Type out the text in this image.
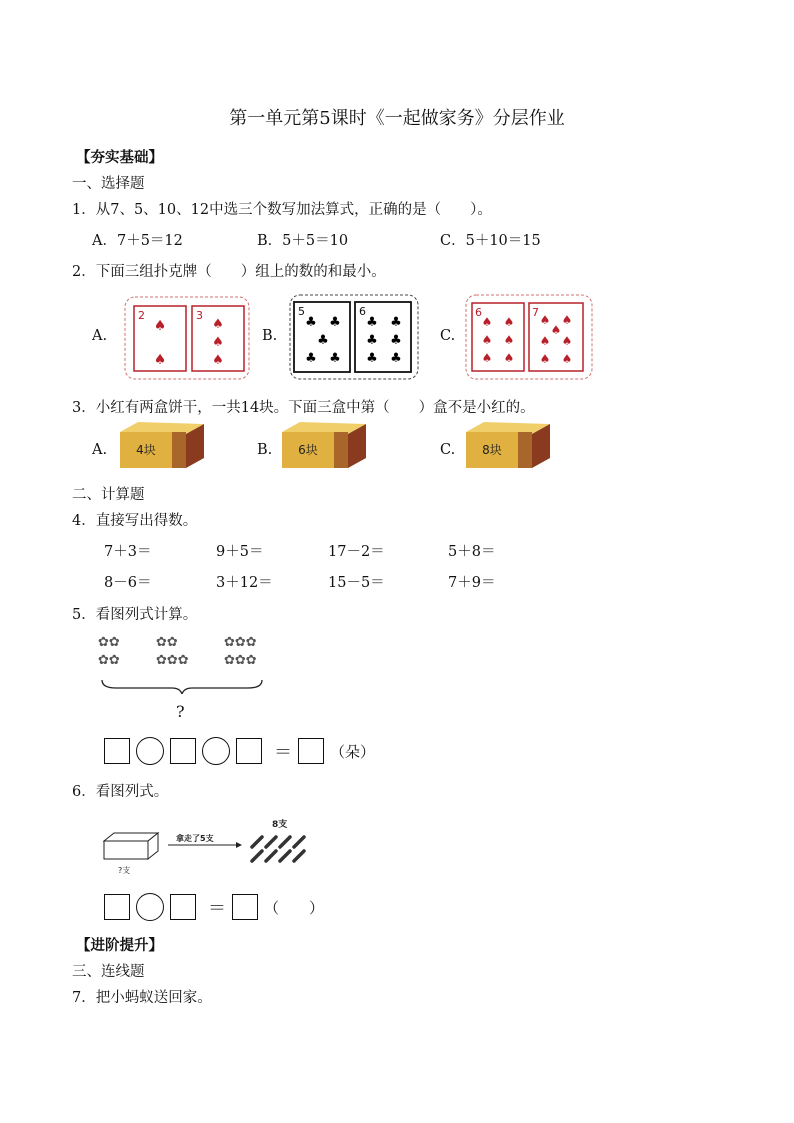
第一单元第5课时《一起做家务》分层作业
【夯实基础】
一、选择题
1．从7、5、10、12中选三个数写加法算式，正确的是（　　）。
A．7＋5＝12	B．5＋5＝10	C．5＋10＝15
2．下面三组扑克牌（　　）组上的数的和最小。
A.	B.	C.
2
♠
♠
3
♠
♠
♠
5
♣ ♣
♣
♣ ♣
6
♣ ♣
♣ ♣
♣ ♣
6
♠ ♠
♠ ♠
♠ ♠
7
♠ ♠
♠
♠ ♠
♠ ♠
3．小红有两盒饼干，一共14块。下面三盒中第（　　）盒不是小红的。
A.	B.	C.
4块	6块	8块
二、计算题
4．直接写出得数。
7＋3＝	9＋5＝	17－2＝	5＋8＝
8－6＝	3＋12＝	15－5＝	7＋9＝
5．看图列式计算。
✿✿
✿✿
✿✿
✿✿✿
✿✿✿
✿✿✿
?
＝	（朵）
6．看图列式。
?支
拿走了5支
8支
＝	（　　）
【进阶提升】
三、连线题
7．把小蚂蚁送回家。
